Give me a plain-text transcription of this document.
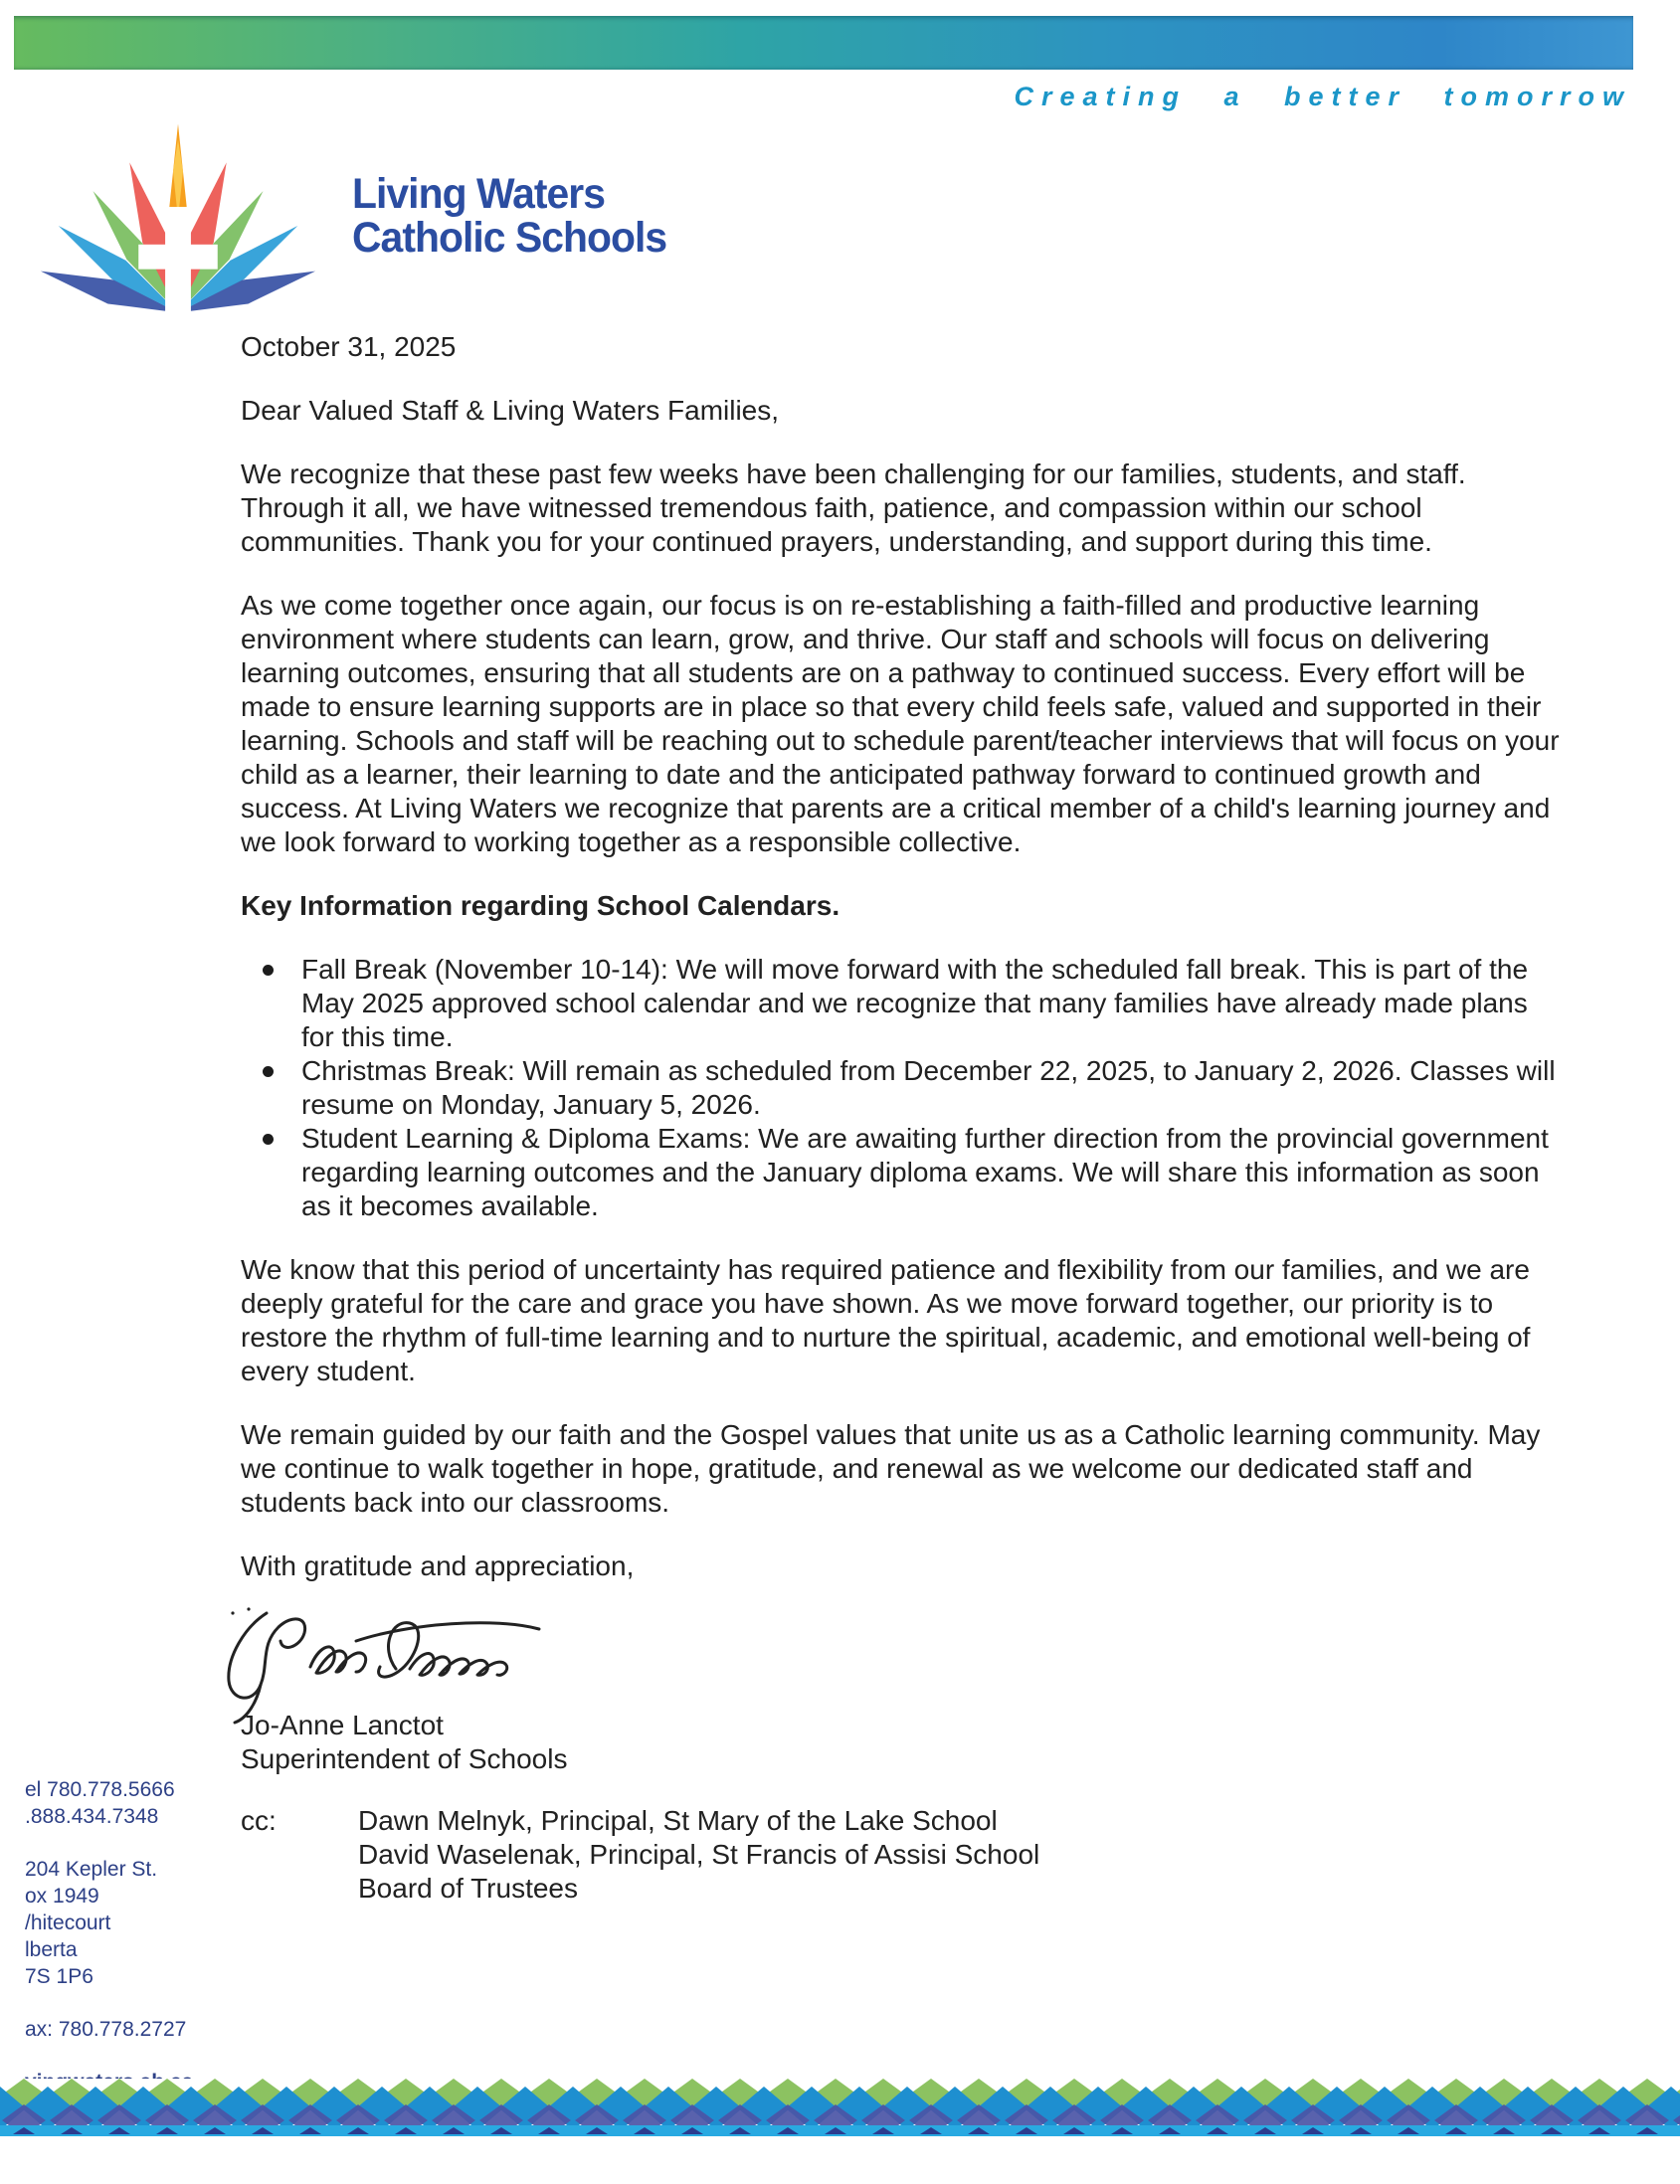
Creating a better tomorrow
Living Waters
Catholic Schools

October 31, 2025

Dear Valued Staff & Living Waters Families,

We recognize that these past few weeks have been challenging for our families, students, and staff. Through it all, we have witnessed tremendous faith, patience, and compassion within our school communities. Thank you for your continued prayers, understanding, and support during this time.

As we come together once again, our focus is on re-establishing a faith-filled and productive learning environment where students can learn, grow, and thrive. Our staff and schools will focus on delivering learning outcomes, ensuring that all students are on a pathway to continued success. Every effort will be made to ensure learning supports are in place so that every child feels safe, valued and supported in their learning. Schools and staff will be reaching out to schedule parent/teacher interviews that will focus on your child as a learner, their learning to date and the anticipated pathway forward to continued growth and success. At Living Waters we recognize that parents are a critical member of a child's learning journey and we look forward to working together as a responsible collective.

Key Information regarding School Calendars.

Fall Break (November 10-14): We will move forward with the scheduled fall break. This is part of the May 2025 approved school calendar and we recognize that many families have already made plans for this time.
Christmas Break: Will remain as scheduled from December 22, 2025, to January 2, 2026. Classes will resume on Monday, January 5, 2026.
Student Learning & Diploma Exams: We are awaiting further direction from the provincial government regarding learning outcomes and the January diploma exams. We will share this information as soon as it becomes available.

We know that this period of uncertainty has required patience and flexibility from our families, and we are deeply grateful for the care and grace you have shown. As we move forward together, our priority is to restore the rhythm of full-time learning and to nurture the spiritual, academic, and emotional well-being of every student.

We remain guided by our faith and the Gospel values that unite us as a Catholic learning community. May we continue to walk together in hope, gratitude, and renewal as we welcome our dedicated staff and students back into our classrooms.

With gratitude and appreciation,

Jo-Anne Lanctot

Superintendent of Schools

cc:	Dawn Melnyk, Principal, St Mary of the Lake School

David Waselenak, Principal, St Francis of Assisi School

Board of Trustees

el 780.778.5666

.888.434.7348

204 Kepler St.

ox 1949

/hitecourt

lberta

7S 1P6

ax: 780.778.2727
